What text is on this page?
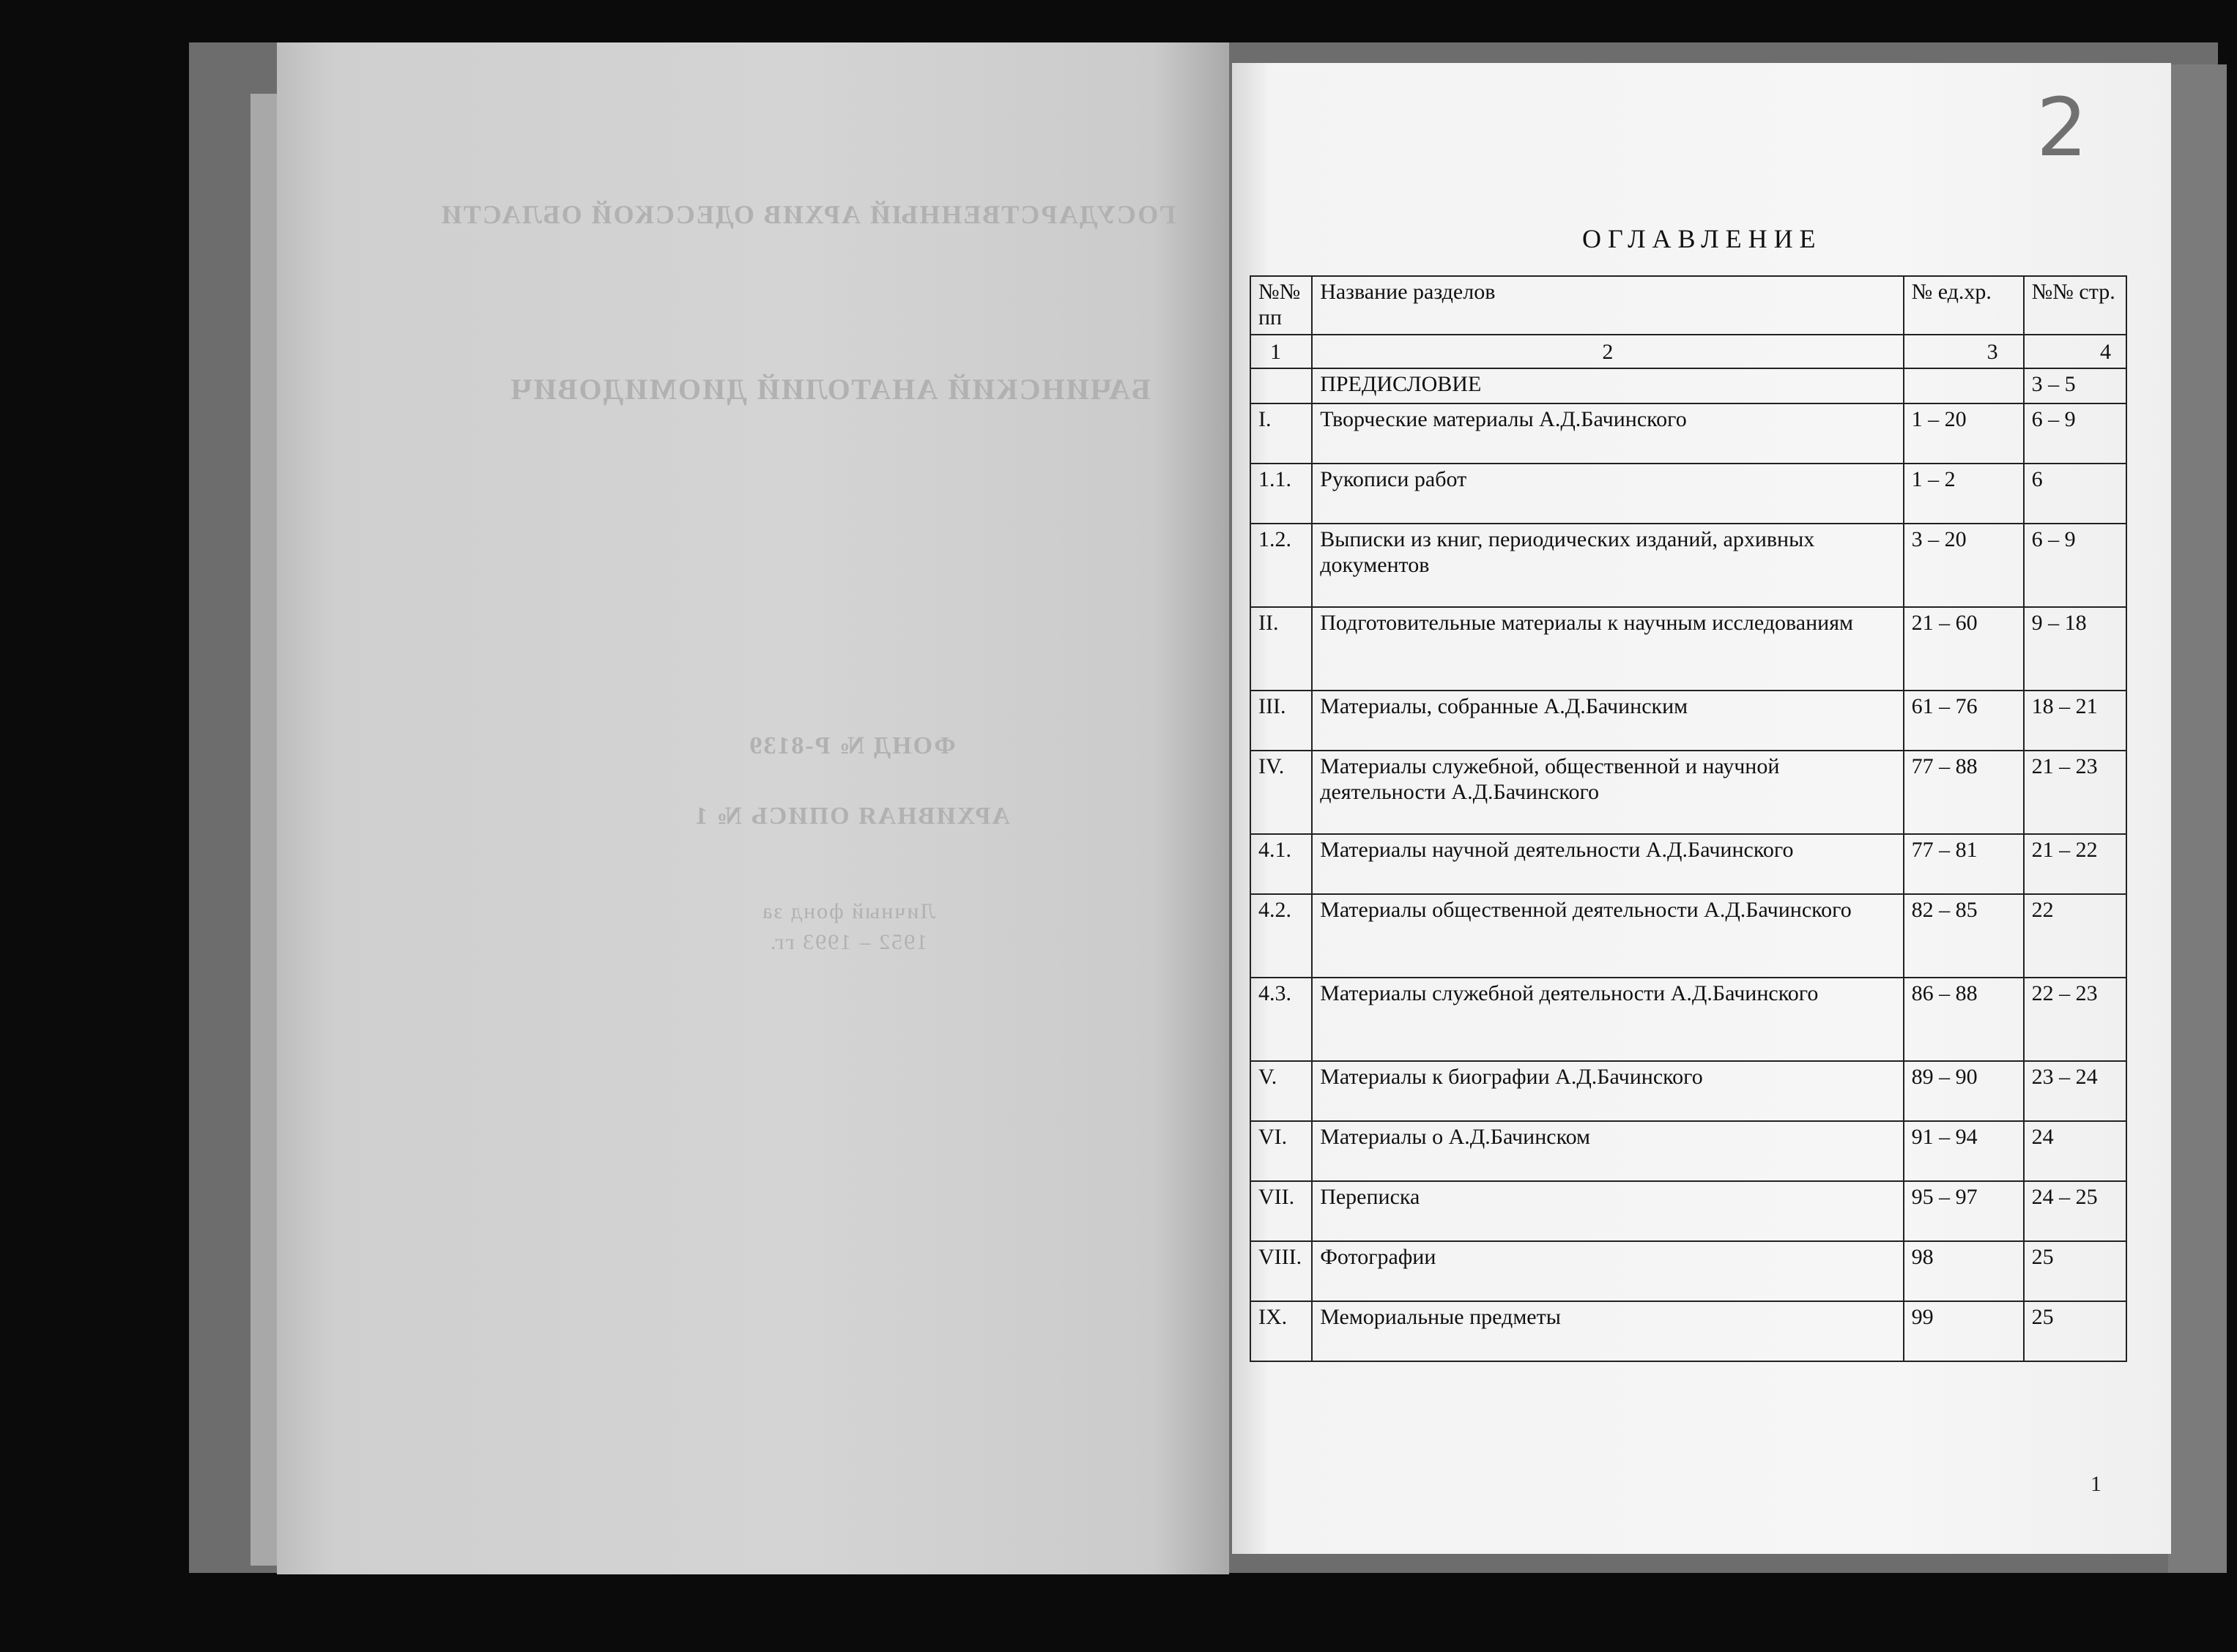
ГОСУДАРСТВЕННЫЙ АРХИВ ОДЕССКОЙ ОБЛАСТИ
БАЧИНСКИЙ АНАТОЛИЙ ДИОМИДОВИЧ
ФОНД № Р-8139
АРХИВНАЯ ОПИСЬ № 1
Личный фонд за
1952 – 1993 гг.
2
ОГЛАВЛЕНИЕ
№№ пп	Название разделов	№ ед.хр.	№№ стр.
1	2	3	4
	ПРЕДИСЛОВИЕ		3 – 5
I.	Творческие материалы А.Д.Бачинского	1 – 20	6 – 9
1.1.	Рукописи работ	1 – 2	6
1.2.	Выписки из книг, периодических изданий, архивных документов	3 – 20	6 – 9
II.	Подготовительные материалы к научным исследованиям	21 – 60	9 – 18
III.	Материалы, собранные А.Д.Бачинским	61 – 76	18 – 21
IV.	Материалы служебной, общественной и научной деятельности А.Д.Бачинского	77 – 88	21 – 23
4.1.	Материалы научной деятельности А.Д.Бачинского	77 – 81	21 – 22
4.2.	Материалы общественной деятельности А.Д.Бачинского	82 – 85	22
4.3.	Материалы служебной деятельности А.Д.Бачинского	86 – 88	22 – 23
V.	Материалы к биографии А.Д.Бачинского	89 – 90	23 – 24
VI.	Материалы о А.Д.Бачинском	91 – 94	24
VII.	Переписка	95 – 97	24 – 25
VIII.	Фотографии	98	25
IX.	Мемориальные предметы	99	25
1
